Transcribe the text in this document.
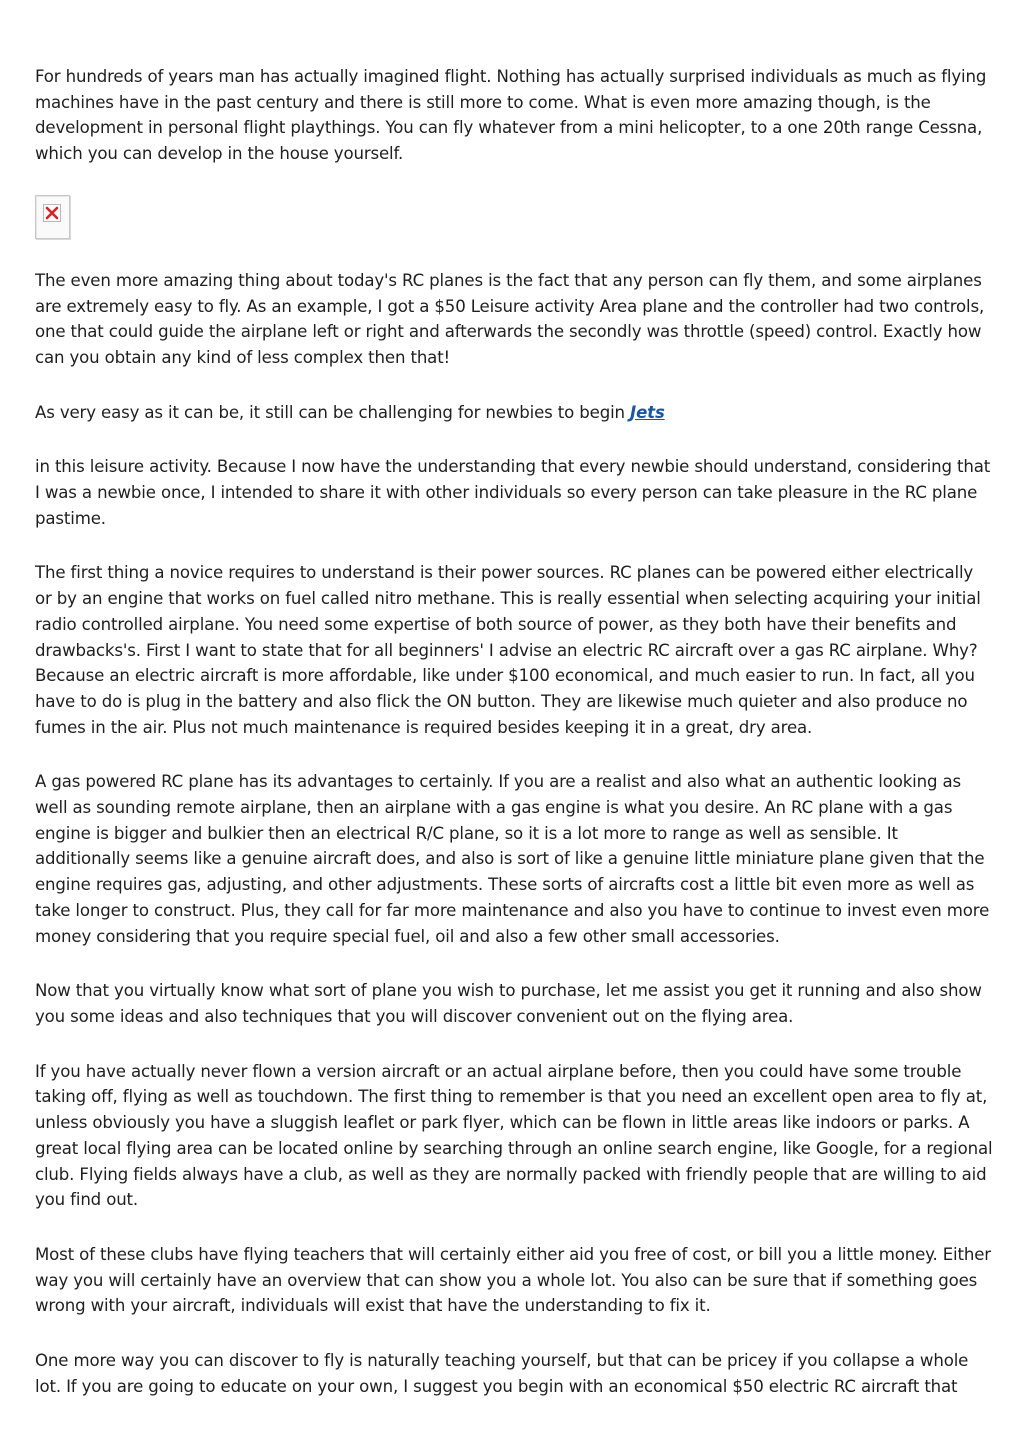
For hundreds of years man has actually imagined flight. Nothing has actually surprised individuals as much as flying machines have in the past century and there is still more to come. What is even more amazing though, is the development in personal flight playthings. You can fly whatever from a mini helicopter, to a one 20th range Cessna, which you can develop in the house yourself.

The even more amazing thing about today's RC planes is the fact that any person can fly them, and some airplanes are extremely easy to fly. As an example, I got a $50 Leisure activity Area plane and the controller had two controls, one that could guide the airplane left or right and afterwards the secondly was throttle (speed) control. Exactly how can you obtain any kind of less complex then that!

As very easy as it can be, it still can be challenging for newbies to begin Jets

in this leisure activity. Because I now have the understanding that every newbie should understand, considering that I was a newbie once, I intended to share it with other individuals so every person can take pleasure in the RC plane pastime.

The first thing a novice requires to understand is their power sources. RC planes can be powered either electrically or by an engine that works on fuel called nitro methane. This is really essential when selecting acquiring your initial radio controlled airplane. You need some expertise of both source of power, as they both have their benefits and drawbacks's. First I want to state that for all beginners' I advise an electric RC aircraft over a gas RC airplane. Why? Because an electric aircraft is more affordable, like under $100 economical, and much easier to run. In fact, all you have to do is plug in the battery and also flick the ON button. They are likewise much quieter and also produce no fumes in the air. Plus not much maintenance is required besides keeping it in a great, dry area.

A gas powered RC plane has its advantages to certainly. If you are a realist and also what an authentic looking as well as sounding remote airplane, then an airplane with a gas engine is what you desire. An RC plane with a gas engine is bigger and bulkier then an electrical R/C plane, so it is a lot more to range as well as sensible. It additionally seems like a genuine aircraft does, and also is sort of like a genuine little miniature plane given that the engine requires gas, adjusting, and other adjustments. These sorts of aircrafts cost a little bit even more as well as take longer to construct. Plus, they call for far more maintenance and also you have to continue to invest even more money considering that you require special fuel, oil and also a few other small accessories.

Now that you virtually know what sort of plane you wish to purchase, let me assist you get it running and also show you some ideas and also techniques that you will discover convenient out on the flying area.

If you have actually never flown a version aircraft or an actual airplane before, then you could have some trouble taking off, flying as well as touchdown. The first thing to remember is that you need an excellent open area to fly at, unless obviously you have a sluggish leaflet or park flyer, which can be flown in little areas like indoors or parks. A great local flying area can be located online by searching through an online search engine, like Google, for a regional club. Flying fields always have a club, as well as they are normally packed with friendly people that are willing to aid you find out.

Most of these clubs have flying teachers that will certainly either aid you free of cost, or bill you a little money. Either way you will certainly have an overview that can show you a whole lot. You also can be sure that if something goes wrong with your aircraft, individuals will exist that have the understanding to fix it.

One more way you can discover to fly is naturally teaching yourself, but that can be pricey if you collapse a whole lot. If you are going to educate on your own, I suggest you begin with an economical $50 electric RC aircraft that
